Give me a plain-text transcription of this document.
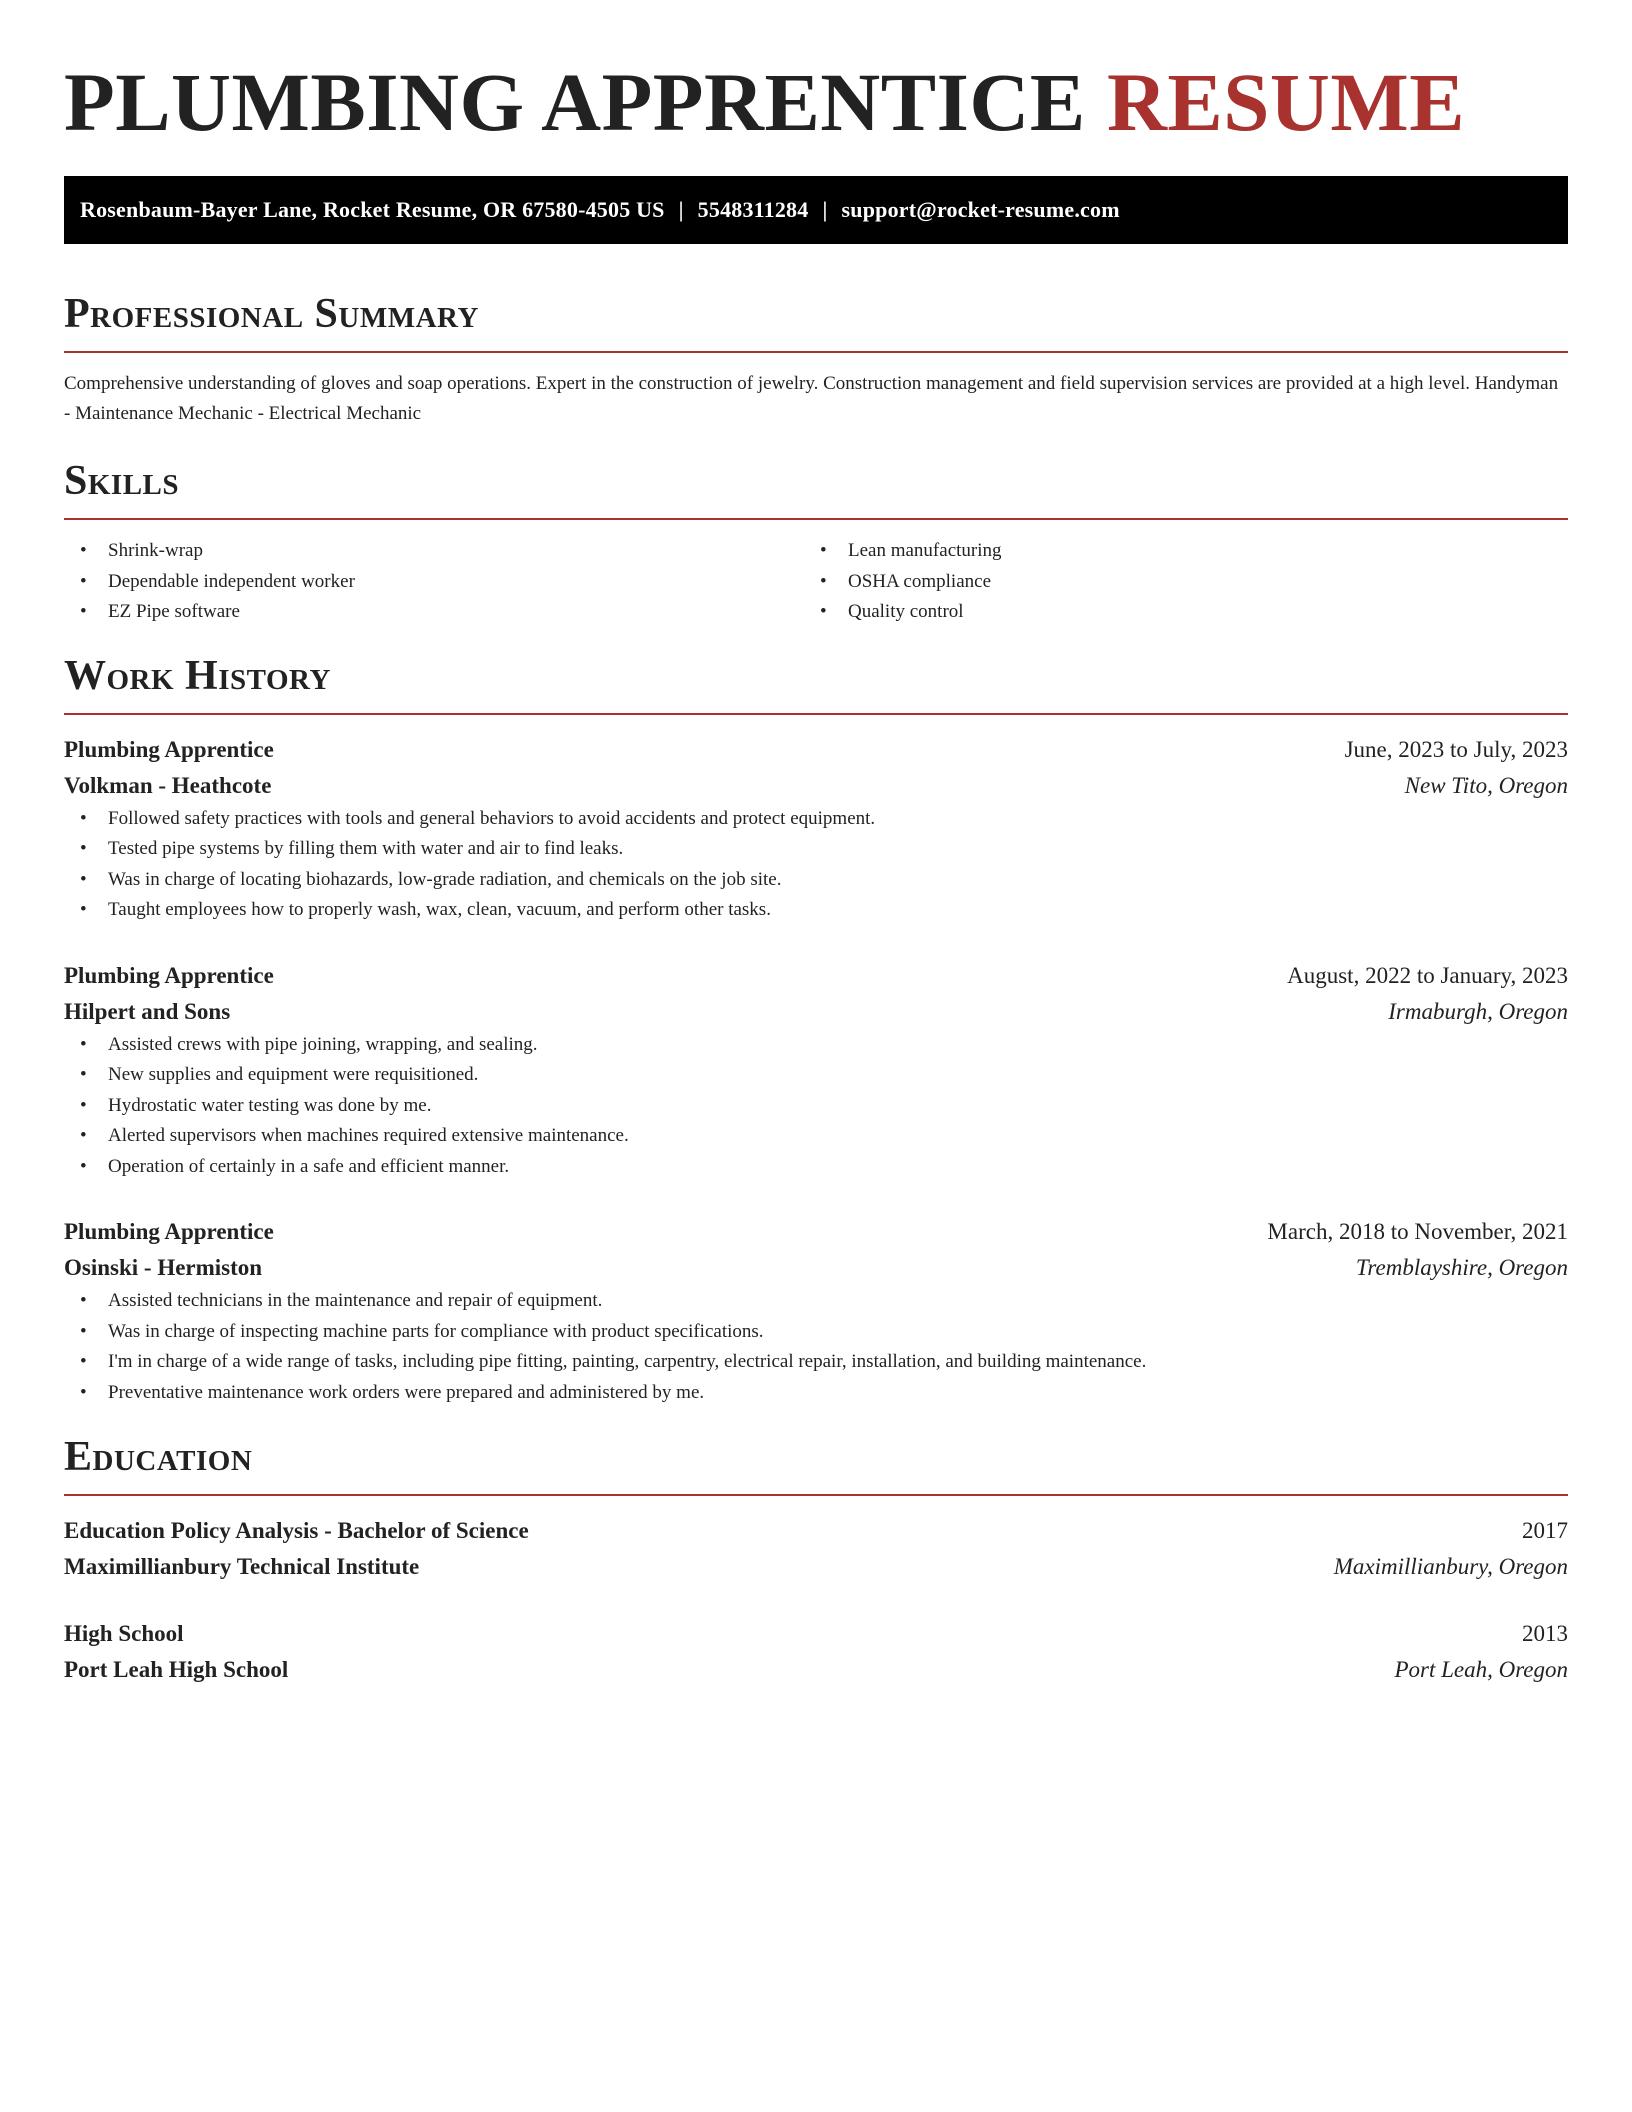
PLUMBING APPRENTICE RESUME
Rosenbaum-Bayer Lane, Rocket Resume, OR 67580-4505 US | 5548311284 | support@rocket-resume.com
Professional Summary

Comprehensive understanding of gloves and soap operations. Expert in the construction of jewelry. Construction management and field supervision services are provided at a high level. Handyman - Maintenance Mechanic - Electrical Mechanic

Skills
• Shrink-wrap
• Dependable independent worker
• EZ Pipe software
• Lean manufacturing
• OSHA compliance
• Quality control
Work History
Plumbing Apprentice	June, 2023 to July, 2023
Volkman - Heathcote	New Tito, Oregon
• Followed safety practices with tools and general behaviors to avoid accidents and protect equipment.
• Tested pipe systems by filling them with water and air to find leaks.
• Was in charge of locating biohazards, low-grade radiation, and chemicals on the job site.
• Taught employees how to properly wash, wax, clean, vacuum, and perform other tasks.
Plumbing Apprentice	August, 2022 to January, 2023
Hilpert and Sons	Irmaburgh, Oregon
• Assisted crews with pipe joining, wrapping, and sealing.
• New supplies and equipment were requisitioned.
• Hydrostatic water testing was done by me.
• Alerted supervisors when machines required extensive maintenance.
• Operation of certainly in a safe and efficient manner.
Plumbing Apprentice	March, 2018 to November, 2021
Osinski - Hermiston	Tremblayshire, Oregon
• Assisted technicians in the maintenance and repair of equipment.
• Was in charge of inspecting machine parts for compliance with product specifications.
• I'm in charge of a wide range of tasks, including pipe fitting, painting, carpentry, electrical repair, installation, and building maintenance.
• Preventative maintenance work orders were prepared and administered by me.
Education
Education Policy Analysis - Bachelor of Science	2017
Maximillianbury Technical Institute	Maximillianbury, Oregon
High School	2013
Port Leah High School	Port Leah, Oregon
